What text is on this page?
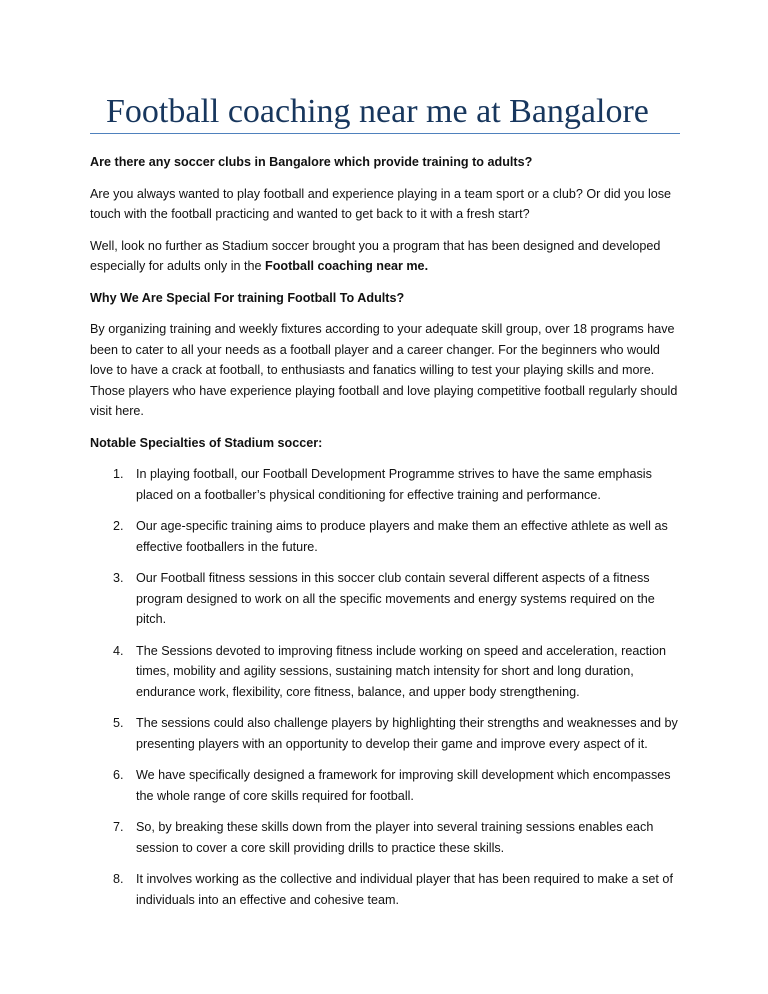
Football coaching near me at Bangalore

Are there any soccer clubs in Bangalore which provide training to adults?

Are you always wanted to play football and experience playing in a team sport or a club? Or did you lose touch with the football practicing and wanted to get back to it with a fresh start?

Well, look no further as Stadium soccer brought you a program that has been designed and developed especially for adults only in the Football coaching near me.

Why We Are Special For training Football To Adults?

By organizing training and weekly fixtures according to your adequate skill group, over 18 programs have been to cater to all your needs as a football player and a career changer. For the beginners who would love to have a crack at football, to enthusiasts and fanatics willing to test your playing skills and more. Those players who have experience playing football and love playing competitive football regularly should visit here.

Notable Specialties of Stadium soccer:

1. In playing football, our Football Development Programme strives to have the same emphasis placed on a footballer’s physical conditioning for effective training and performance.
2. Our age-specific training aims to produce players and make them an effective athlete as well as effective footballers in the future.
3. Our Football fitness sessions in this soccer club contain several different aspects of a fitness program designed to work on all the specific movements and energy systems required on the pitch.
4. The Sessions devoted to improving fitness include working on speed and acceleration, reaction times, mobility and agility sessions, sustaining match intensity for short and long duration, endurance work, flexibility, core fitness, balance, and upper body strengthening.
5. The sessions could also challenge players by highlighting their strengths and weaknesses and by presenting players with an opportunity to develop their game and improve every aspect of it.
6. We have specifically designed a framework for improving skill development which encompasses the whole range of core skills required for football.
7. So, by breaking these skills down from the player into several training sessions enables each session to cover a core skill providing drills to practice these skills.
8. It involves working as the collective and individual player that has been required to make a set of individuals into an effective and cohesive team.
